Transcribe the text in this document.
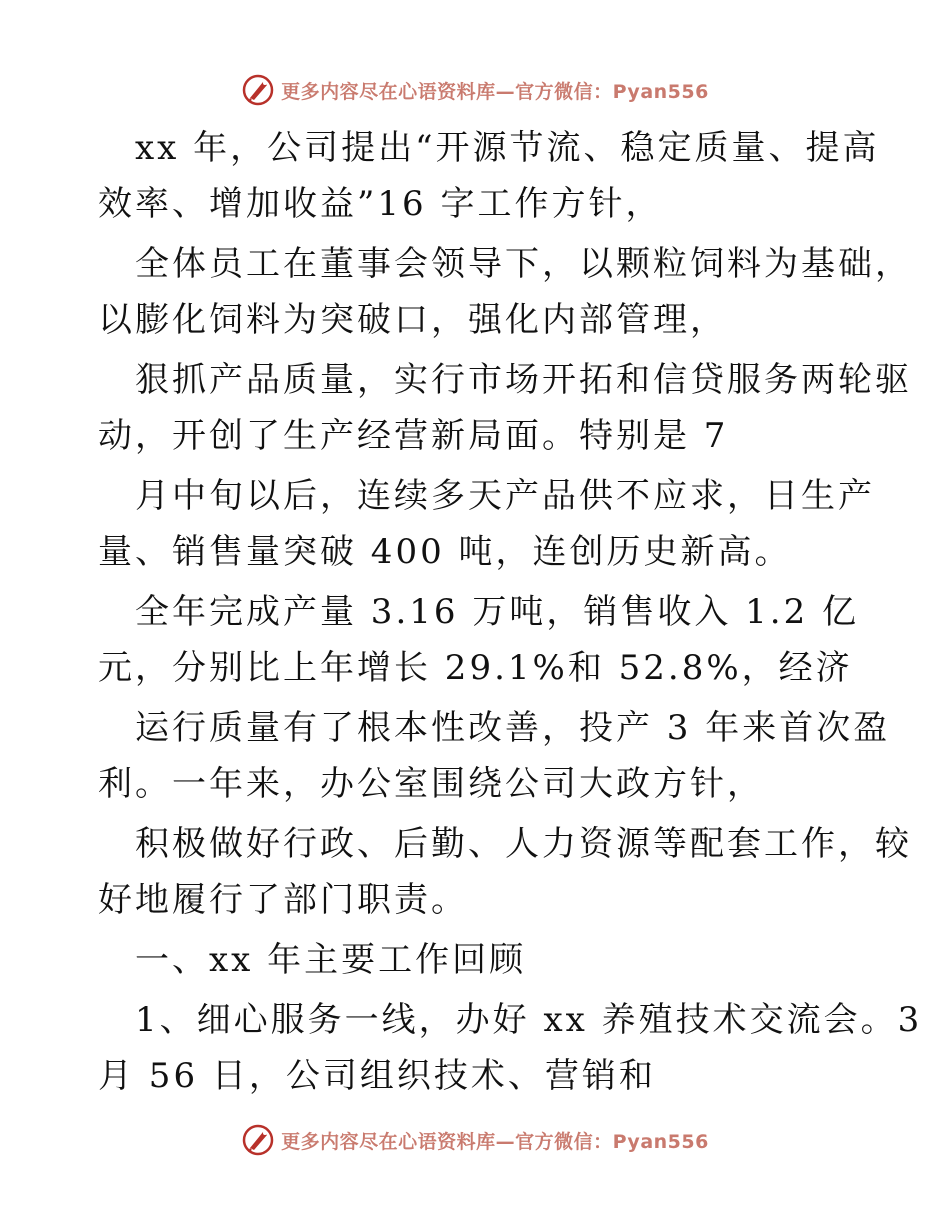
更多内容尽在心语资料库—官方微信：Pyan556
xx 年，公司提出“开源节流、稳定质量、提高
效率、增加收益”16 字工作方针，
全体员工在董事会领导下，以颗粒饲料为基础，
以膨化饲料为突破口，强化内部管理，
狠抓产品质量，实行市场开拓和信贷服务两轮驱
动，开创了生产经营新局面。特别是 7
月中旬以后，连续多天产品供不应求，日生产
量、销售量突破 400 吨，连创历史新高。
全年完成产量 3.16 万吨，销售收入 1.2 亿
元，分别比上年增长 29.1%和 52.8%，经济
运行质量有了根本性改善，投产 3 年来首次盈
利。一年来，办公室围绕公司大政方针，
积极做好行政、后勤、人力资源等配套工作，较
好地履行了部门职责。
一、xx 年主要工作回顾
1、细心服务一线，办好 xx 养殖技术交流会。3
月 56 日，公司组织技术、营销和
更多内容尽在心语资料库—官方微信：Pyan556
